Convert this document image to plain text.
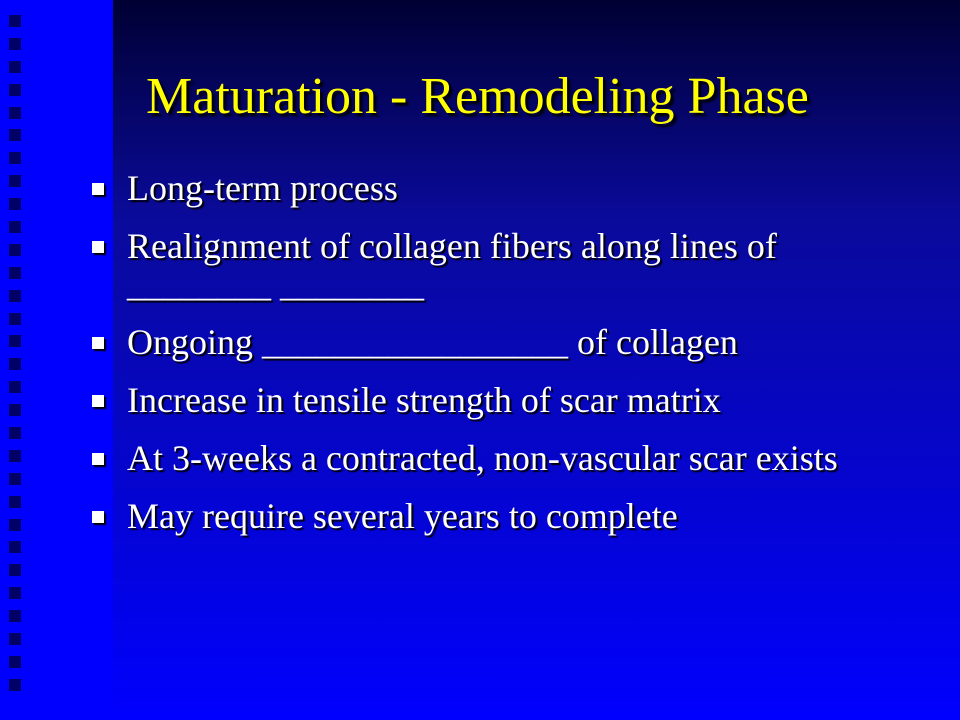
Maturation - Remodeling Phase
Long-term process
Realignment of collagen fibers along lines of ________ ________
Ongoing _________________ of collagen
Increase in tensile strength of scar matrix
At 3-weeks a contracted, non-vascular scar exists
May require several years to complete
